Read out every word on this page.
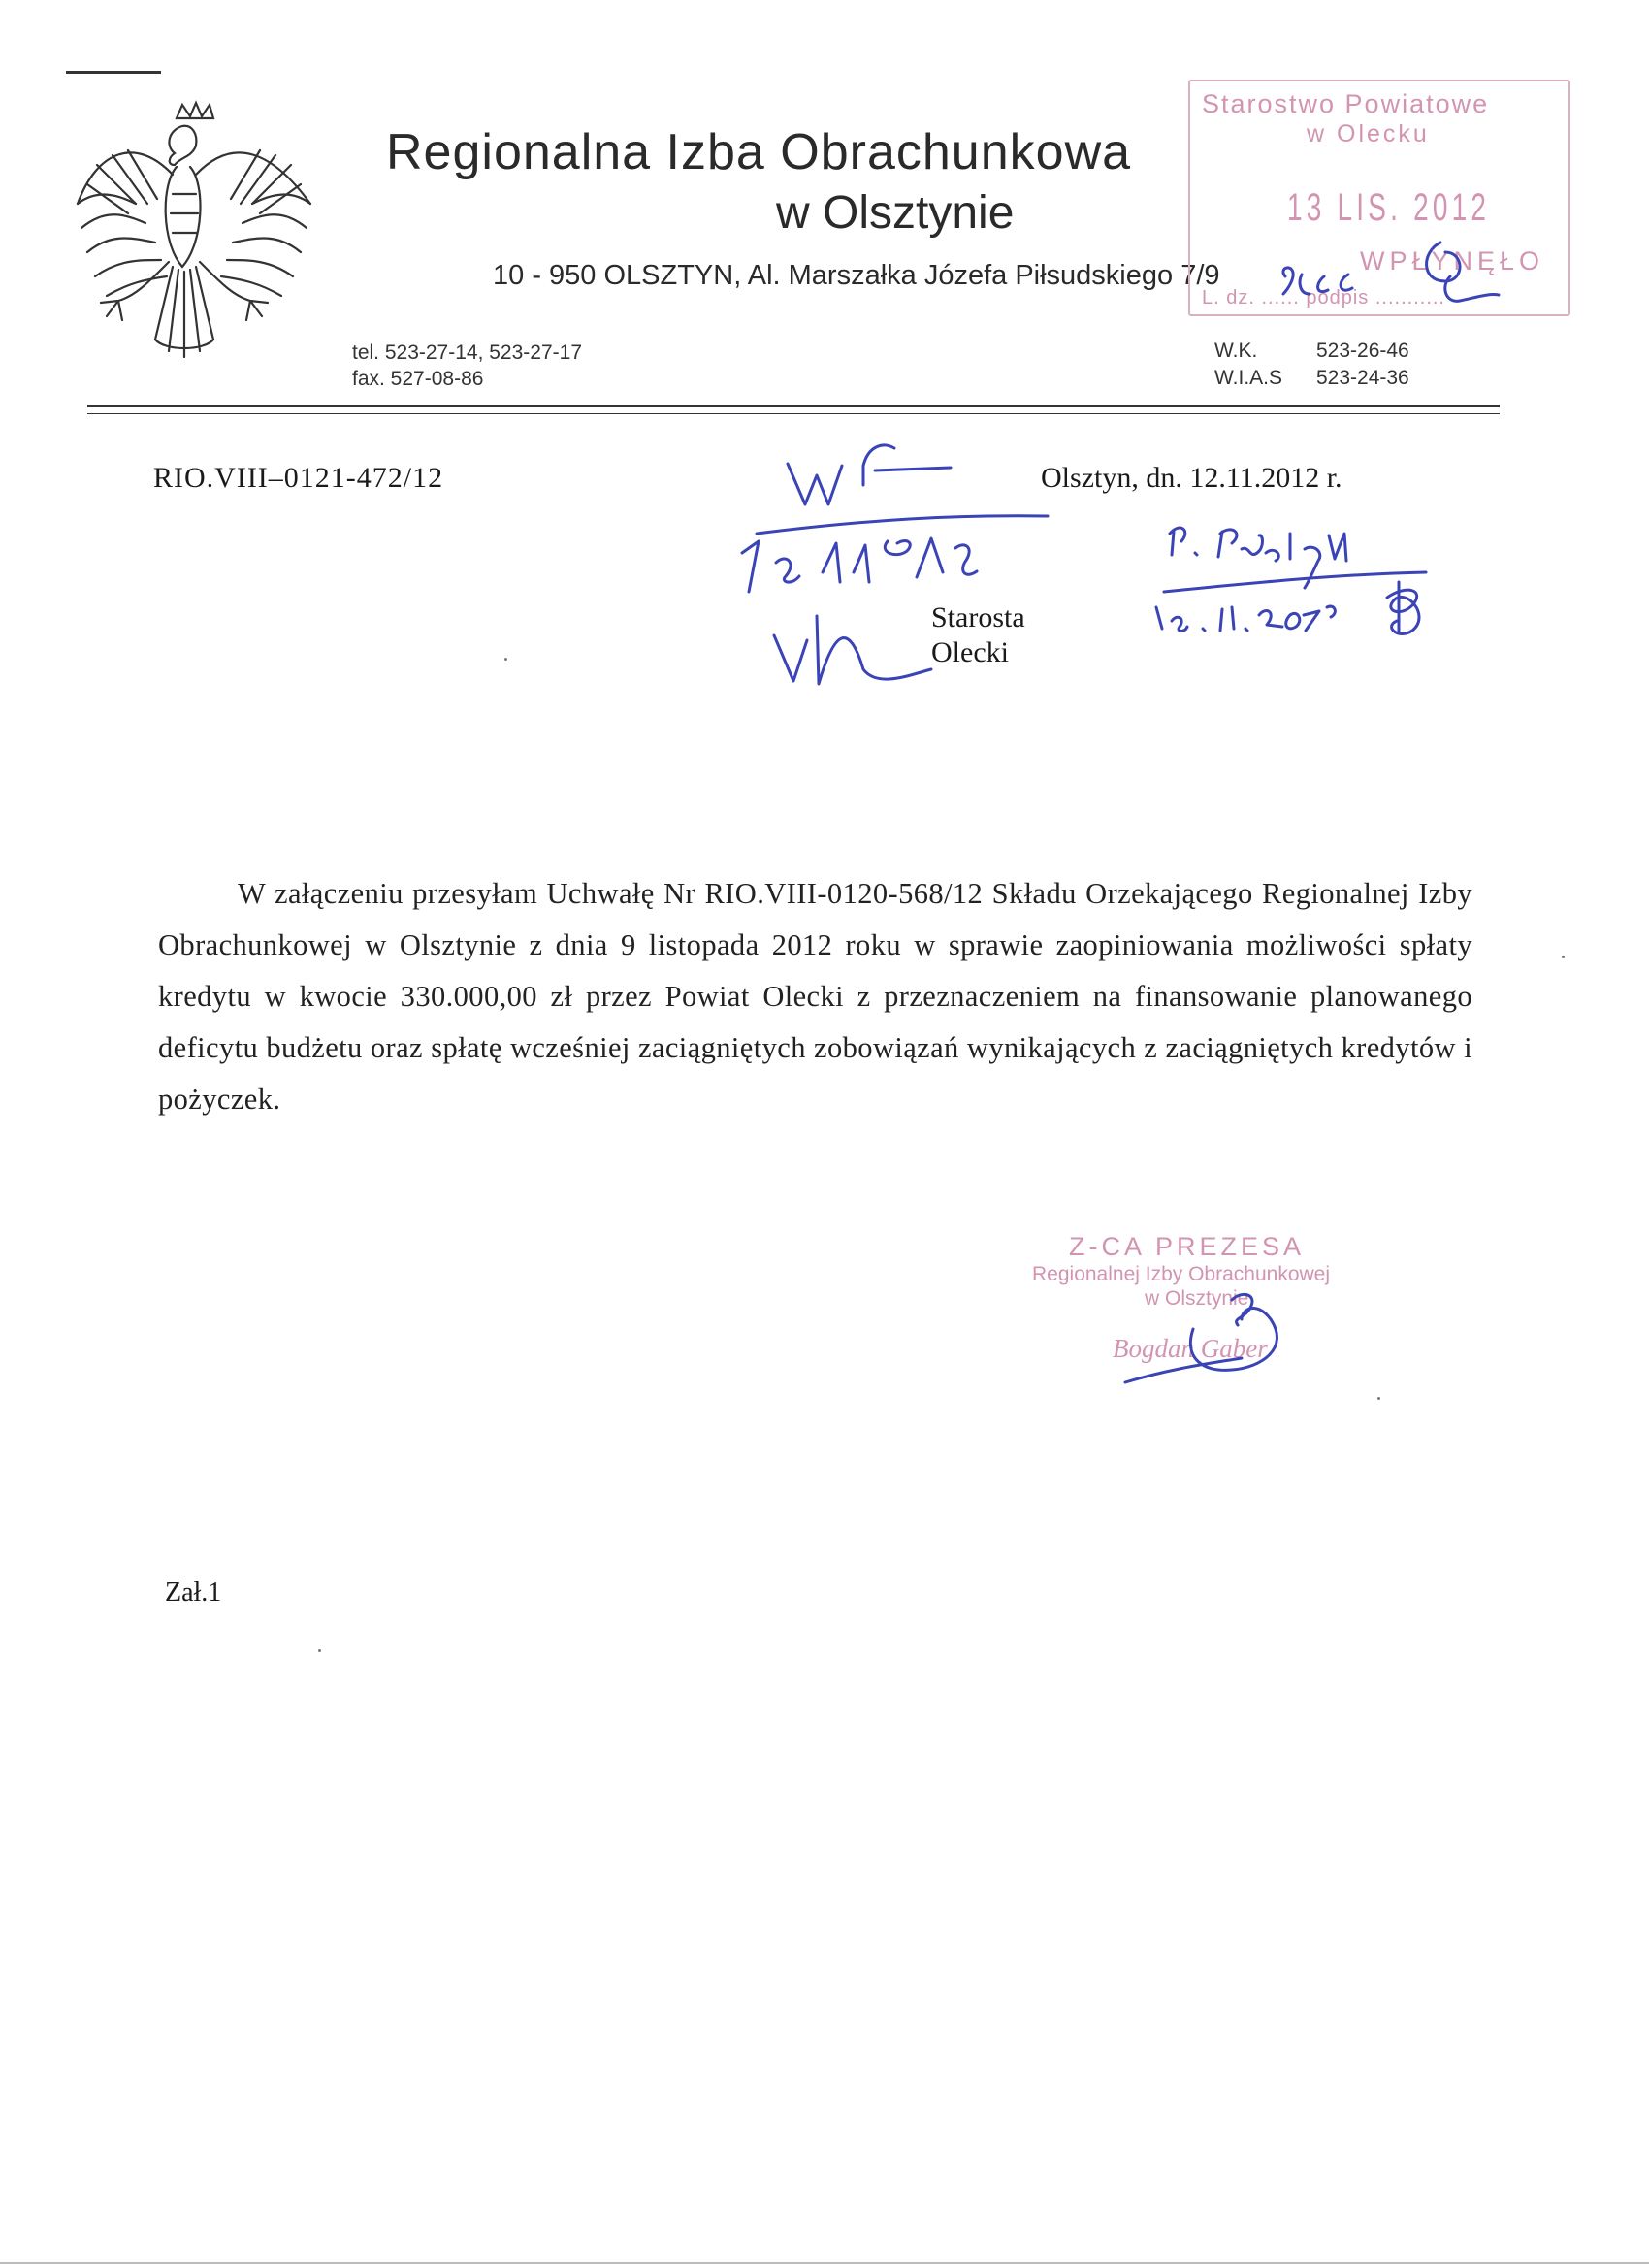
Regionalna Izba Obrachunkowa
w Olsztynie
10 - 950 OLSZTYN, Al. Marszałka Józefa Piłsudskiego 7/9
tel. 523-27-14, 523-27-17
fax. 527-08-86
W.K.	523-26-46
W.I.A.S 523-24-36
Starostwo Powiatowe
w Olecku
13 LIS. 2012
WPŁYNĘŁO
L. dz. ...... podpis ...........
RIO.VIII–0121-472/12	Olsztyn, dn. 12.11.2012 r.
Starosta
Olecki
W załączeniu przesyłam Uchwałę Nr RIO.VIII-0120-568/12 Składu Orzekającego Regionalnej Izby Obrachunkowej w Olsztynie z dnia 9 listopada 2012 roku w sprawie zaopiniowania możliwości spłaty kredytu w kwocie 330.000,00 zł przez Powiat Olecki z przeznaczeniem na finansowanie planowanego deficytu budżetu oraz spłatę wcześniej zaciągniętych zobowiązań wynikających z zaciągniętych kredytów i pożyczek.
Z-CA PREZESA
Regionalnej Izby Obrachunkowej
w Olsztynie
Bogdan Gaber
Zał.1
